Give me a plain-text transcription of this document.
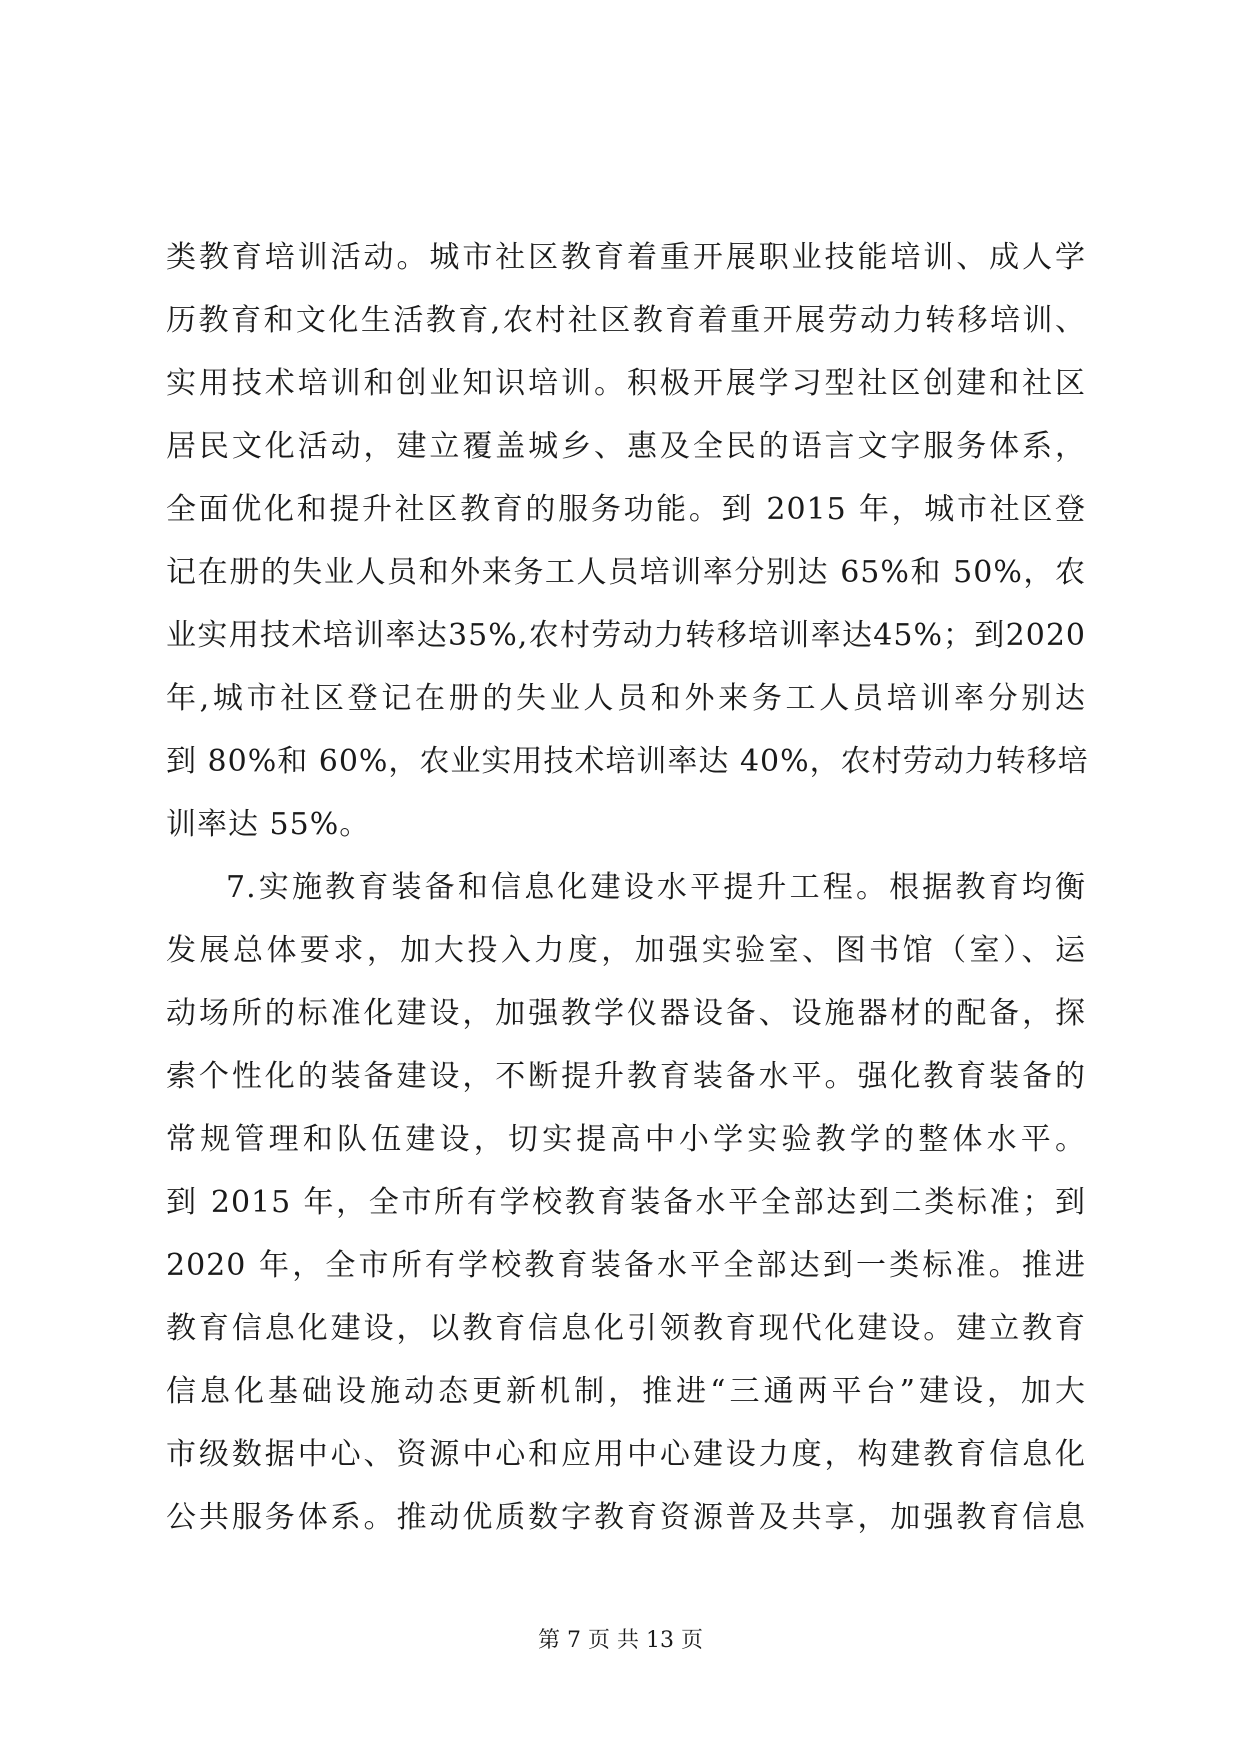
类教育培训活动。城市社区教育着重开展职业技能培训、成人学
历教育和文化生活教育,农村社区教育着重开展劳动力转移培训、
实用技术培训和创业知识培训。积极开展学习型社区创建和社区
居民文化活动，建立覆盖城乡、惠及全民的语言文字服务体系，
全面优化和提升社区教育的服务功能。到 2015 年，城市社区登
记在册的失业人员和外来务工人员培训率分别达 65%和 50%，农
业实用技术培训率达35%,农村劳动力转移培训率达45%；到2020
年,城市社区登记在册的失业人员和外来务工人员培训率分别达
到 80%和 60%，农业实用技术培训率达 40%，农村劳动力转移培
训率达 55%。
7.实施教育装备和信息化建设水平提升工程。根据教育均衡
发展总体要求，加大投入力度，加强实验室、图书馆（室）、运
动场所的标准化建设，加强教学仪器设备、设施器材的配备，探
索个性化的装备建设，不断提升教育装备水平。强化教育装备的
常规管理和队伍建设，切实提高中小学实验教学的整体水平。
到 2015 年，全市所有学校教育装备水平全部达到二类标准；到
2020 年，全市所有学校教育装备水平全部达到一类标准。推进
教育信息化建设，以教育信息化引领教育现代化建设。建立教育
信息化基础设施动态更新机制，推进“三通两平台”建设，加大
市级数据中心、资源中心和应用中心建设力度，构建教育信息化
公共服务体系。推动优质数字教育资源普及共享，加强教育信息
第 7 页 共 13 页
